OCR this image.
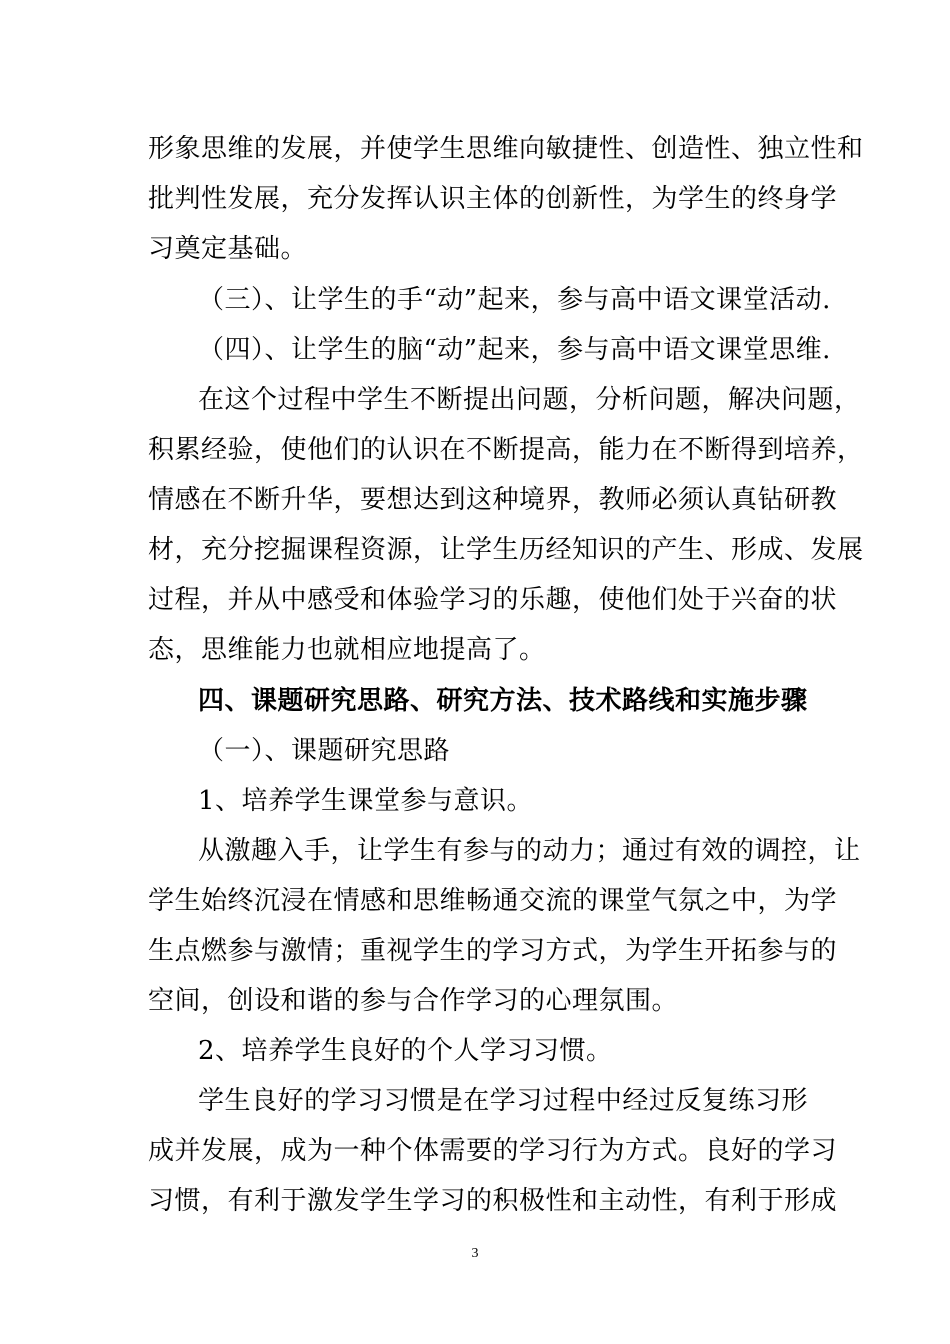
形象思维的发展，并使学生思维向敏捷性、创造性、独立性和
批判性发展，充分发挥认识主体的创新性，为学生的终身学
习奠定基础。
（三）、让学生的手“动”起来，参与高中语文课堂活动.
（四）、让学生的脑“动”起来，参与高中语文课堂思维.
在这个过程中学生不断提出问题，分析问题，解决问题，
积累经验，使他们的认识在不断提高，能力在不断得到培养，
情感在不断升华，要想达到这种境界，教师必须认真钻研教
材，充分挖掘课程资源，让学生历经知识的产生、形成、发展
过程，并从中感受和体验学习的乐趣，使他们处于兴奋的状
态，思维能力也就相应地提高了。
四、课题研究思路、研究方法、技术路线和实施步骤
（一）、课题研究思路
1、培养学生课堂参与意识。
从激趣入手，让学生有参与的动力；通过有效的调控，让
学生始终沉浸在情感和思维畅通交流的课堂气氛之中，为学
生点燃参与激情；重视学生的学习方式，为学生开拓参与的
空间，创设和谐的参与合作学习的心理氛围。
2、培养学生良好的个人学习习惯。
学生良好的学习习惯是在学习过程中经过反复练习形
成并发展，成为一种个体需要的学习行为方式。良好的学习
习惯，有利于激发学生学习的积极性和主动性，有利于形成
3
